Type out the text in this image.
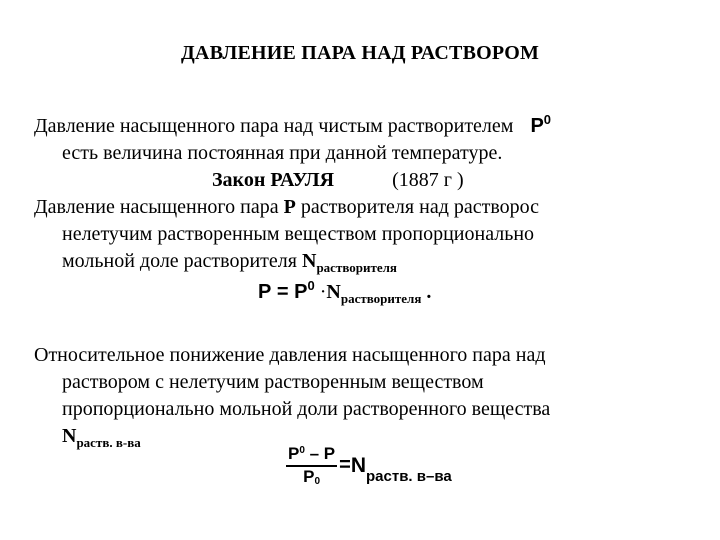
ДАВЛЕНИЕ ПАРА НАД РАСТВОРОМ
Давление насыщенного пара над чистым растворителем $P^0$
есть величина постоянная при данной температуре.
Закон РАУЛЯ	(1887 г )
Давление насыщенного пара Р растворителя над растворос
нелетучим растворенным веществом пропорционально
мольной доле растворителя $N_{растворителя}$
$Р = Р^0 \cdot N_{растворителя}$ .
Относительное понижение давления насыщенного пара над
раствором с нелетучим растворенным веществом
пропорционально мольной доли растворенного вещества
$N_{раств. в-ва}$
$\frac{P^0 - P}{P0} = N$ раств. в–ва
